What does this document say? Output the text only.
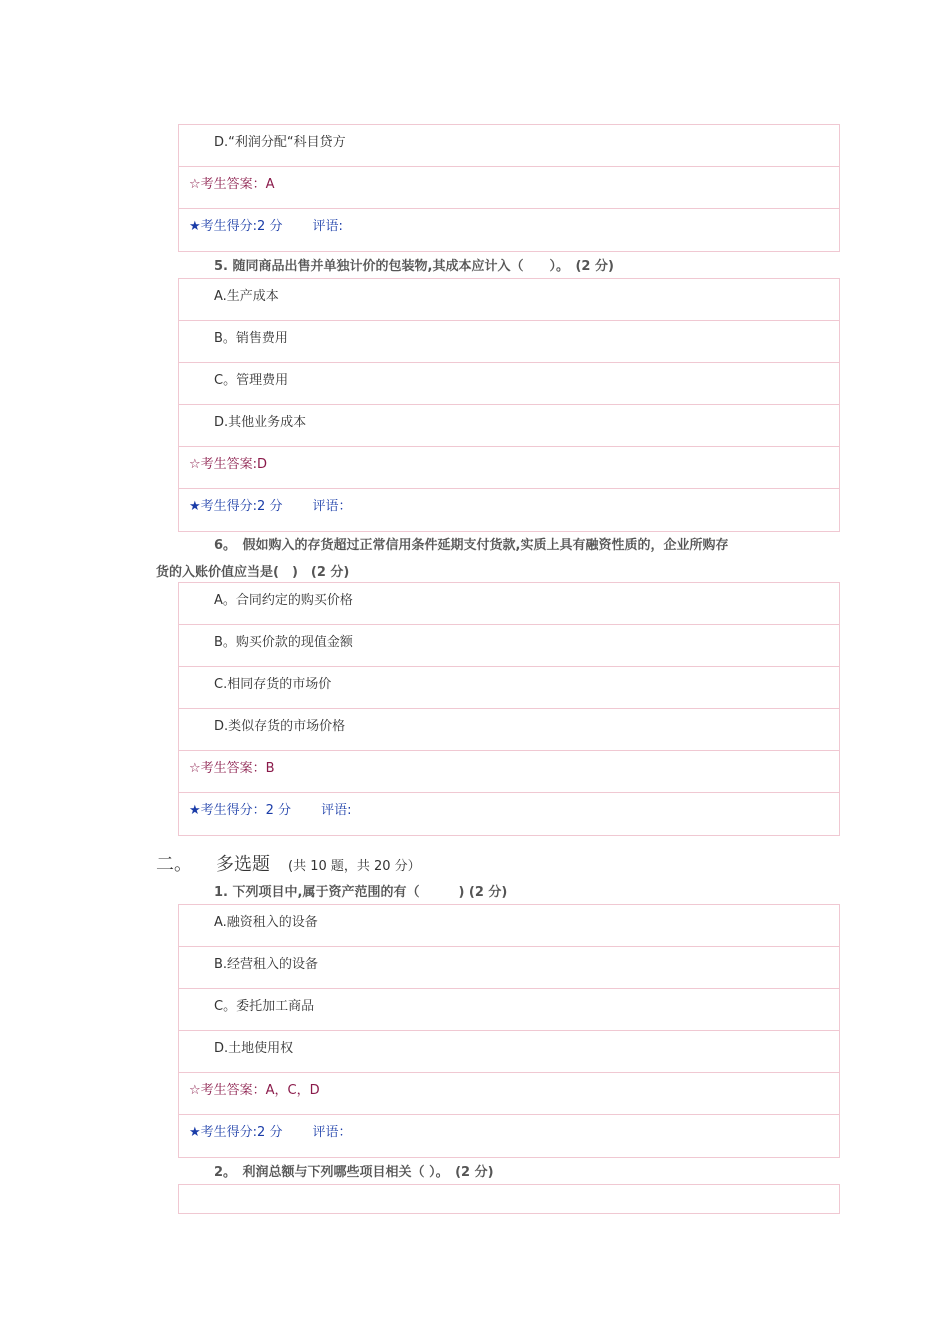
D.“利润分配“科目贷方
☆考生答案：A
★考生得分:2 分 评语:
5. 随同商品出售并单独计价的包装物,其成本应计入（　　）。　(2 分)
A.生产成本
B。销售费用
C。管理费用
D.其他业务成本
☆考生答案:D
★考生得分:2 分 评语：
6。　假如购入的存货超过正常信用条件延期支付货款,实质上具有融资性质的，企业所购存
货的入账价值应当是(　)　(2 分)
A。合同约定的购买价格
B。购买价款的现值金额
C.相同存货的市场价
D.类似存货的市场价格
☆考生答案：B
★考生得分：2 分 评语:
二。 多选题 (共 10 题，共 20 分）
1. 下列项目中,属于资产范围的有（　　　) (2 分)
A.融资租入的设备
B.经营租入的设备
C。委托加工商品
D.土地使用权
☆考生答案：A，C，D
★考生得分:2 分 评语：
2。　利润总额与下列哪些项目相关（ ）。　(2 分)
